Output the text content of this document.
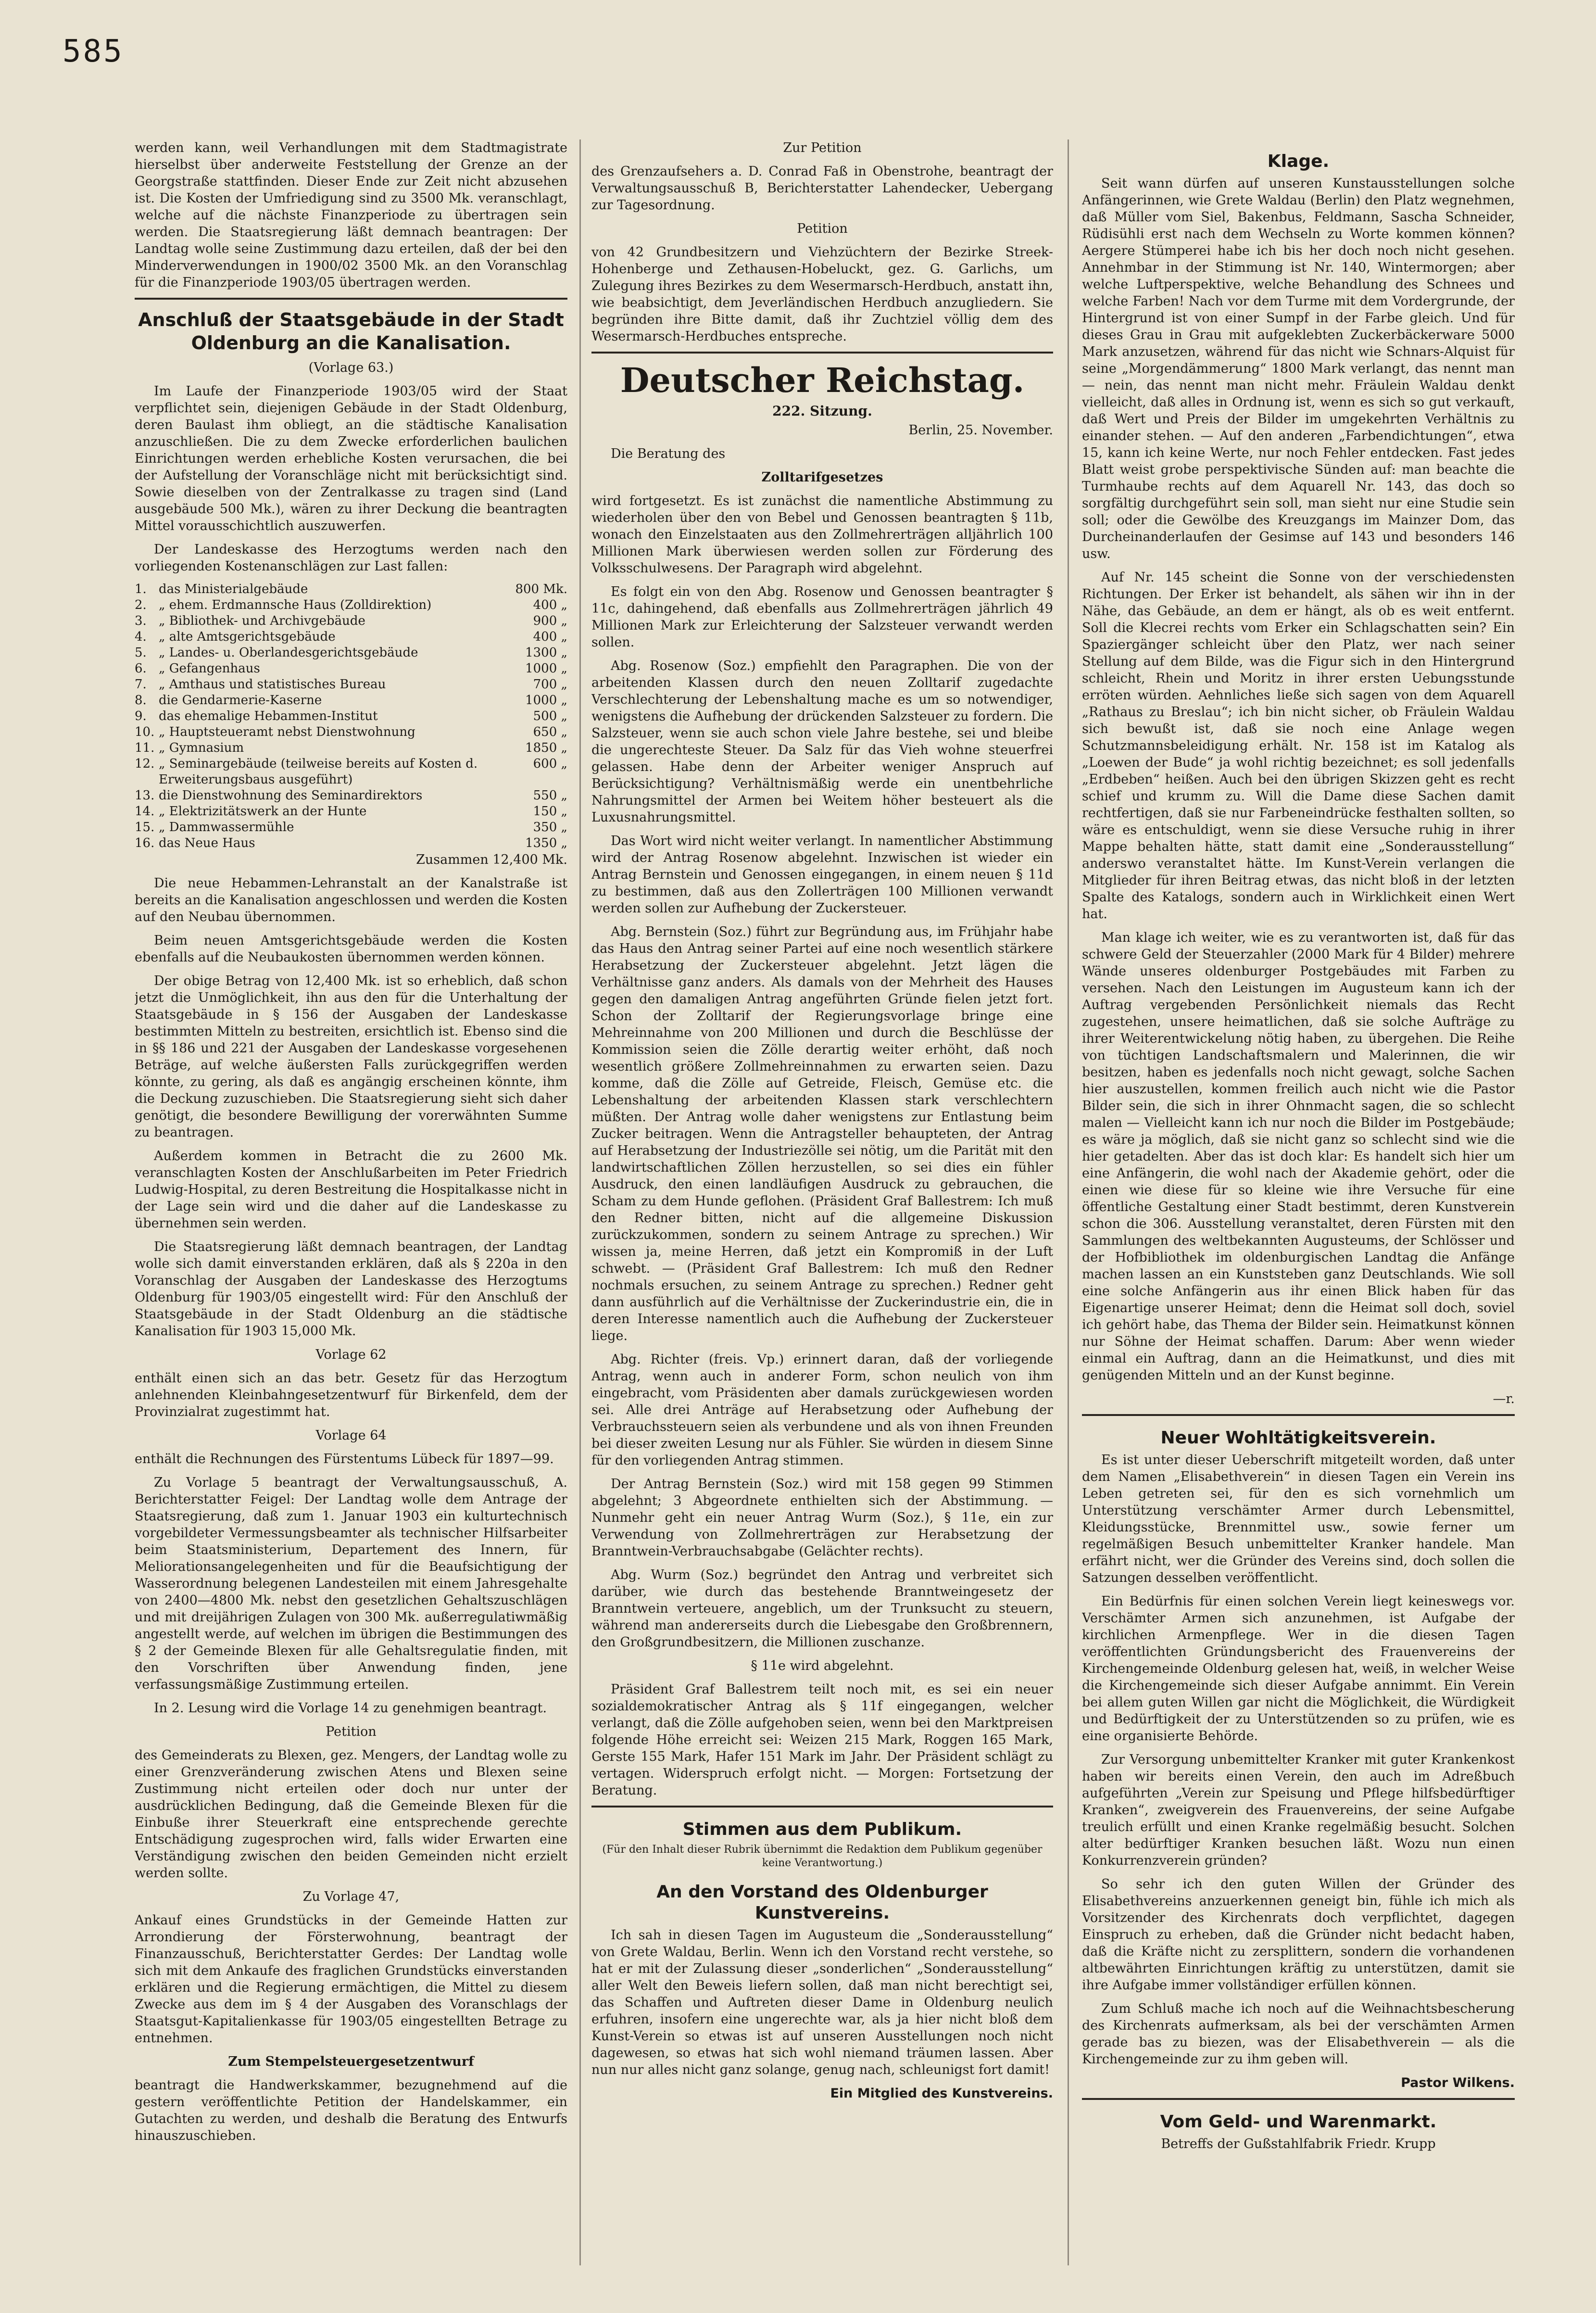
585

werden kann, weil Verhandlungen mit dem Stadtmagistrate hierselbst über anderweite Feststellung der Grenze an der Georgstraße stattfinden. Dieser Ende zur Zeit nicht abzusehen ist. Die Kosten der Umfriedigung sind zu 3500 Mk. veranschlagt, welche auf die nächste Finanzperiode zu übertragen sein werden. Die Staatsregierung läßt demnach beantragen: Der Landtag wolle seine Zustimmung dazu erteilen, daß der bei den Minderverwendungen in 1900/02 3500 Mk. an den Voranschlag für die Finanzperiode 1903/05 übertragen werden.

Anschluß der Staatsgebäude in der Stadt Oldenburg an die Kanalisation.

(Vorlage 63.)

Im Laufe der Finanzperiode 1903/05 wird der Staat verpflichtet sein, diejenigen Gebäude in der Stadt Oldenburg, deren Baulast ihm obliegt, an die städtische Kanalisation anzuschließen. Die zu dem Zwecke erforderlichen baulichen Einrichtungen werden erhebliche Kosten verursachen, die bei der Aufstellung der Voranschläge nicht mit berücksichtigt sind. Sowie dieselben von der Zentralkasse zu tragen sind (Land ausgebäude 500 Mk.), wären zu ihrer Deckung die beantragten Mittel vorausschichtlich auszuwerfen.

Der Landeskasse des Herzogtums werden nach den vorliegenden Kostenanschlägen zur Last fallen:

1.	das Ministerialgebäude	800 Mk.
2.	„ ehem. Erdmannsche Haus (Zolldirektion)	400 „
3.	„ Bibliothek- und Archivgebäude	900 „
4.	„ alte Amtsgerichtsgebäude	400 „
5.	„ Landes- u. Oberlandesgerichtsgebäude	1300 „
6.	„ Gefangenhaus	1000 „
7.	„ Amthaus und statistisches Bureau	700 „
8.	die Gendarmerie-Kaserne	1000 „
9.	das ehemalige Hebammen-Institut	500 „
10.	„ Hauptsteueramt nebst Dienstwohnung	650 „
11.	„ Gymnasium	1850 „
12.	„ Seminargebäude (teilweise bereits auf Kosten d. Erweiterungsbaus ausgeführt)	600 „
13.	die Dienstwohnung des Seminardirektors	550 „
14.	„ Elektrizitätswerk an der Hunte	150 „
15.	„ Dammwassermühle	350 „
16.	das Neue Haus	1350 „

Zusammen 12,400 Mk.

Die neue Hebammen-Lehranstalt an der Kanalstraße ist bereits an die Kanalisation angeschlossen und werden die Kosten auf den Neubau übernommen.

Beim neuen Amtsgerichtsgebäude werden die Kosten ebenfalls auf die Neubaukosten übernommen werden können.

Der obige Betrag von 12,400 Mk. ist so erheblich, daß schon jetzt die Unmöglichkeit, ihn aus den für die Unterhaltung der Staatsgebäude in § 156 der Ausgaben der Landeskasse bestimmten Mitteln zu bestreiten, ersichtlich ist. Ebenso sind die in §§ 186 und 221 der Ausgaben der Landeskasse vorgesehenen Beträge, auf welche äußersten Falls zurückgegriffen werden könnte, zu gering, als daß es angängig erscheinen könnte, ihm die Deckung zuzuschieben. Die Staatsregierung sieht sich daher genötigt, die besondere Bewilligung der vorerwähnten Summe zu beantragen.

Außerdem kommen in Betracht die zu 2600 Mk. veranschlagten Kosten der Anschlußarbeiten im Peter Friedrich Ludwig-Hospital, zu deren Bestreitung die Hospitalkasse nicht in der Lage sein wird und die daher auf die Landeskasse zu übernehmen sein werden.

Die Staatsregierung läßt demnach beantragen, der Landtag wolle sich damit einverstanden erklären, daß als § 220a in den Voranschlag der Ausgaben der Landeskasse des Herzogtums Oldenburg für 1903/05 eingestellt wird: Für den Anschluß der Staatsgebäude in der Stadt Oldenburg an die städtische Kanalisation für 1903 15,000 Mk.

Vorlage 62

enthält einen sich an das betr. Gesetz für das Herzogtum anlehnenden Kleinbahngesetzentwurf für Birkenfeld, dem der Provinzialrat zugestimmt hat.

Vorlage 64

enthält die Rechnungen des Fürstentums Lübeck für 1897—99.

Zu Vorlage 5 beantragt der Verwaltungsausschuß, A. Berichterstatter Feigel: Der Landtag wolle dem Antrage der Staatsregierung, daß zum 1. Januar 1903 ein kulturtechnisch vorgebildeter Vermessungsbeamter als technischer Hilfsarbeiter beim Staatsministerium, Departement des Innern, für Meliorationsangelegenheiten und für die Beaufsichtigung der Wasserordnung belegenen Landesteilen mit einem Jahresgehalte von 2400—4800 Mk. nebst den gesetzlichen Gehaltszuschlägen und mit dreijährigen Zulagen von 300 Mk. außerregulatiwmäßig angestellt werde, auf welchen im übrigen die Bestimmungen des § 2 der Gemeinde Blexen für alle Gehaltsregulatie finden, mit den Vorschriften über Anwendung finden, jene verfassungsmäßige Zustimmung erteilen.

In 2. Lesung wird die Vorlage 14 zu genehmigen beantragt.

Petition

des Gemeinderats zu Blexen, gez. Mengers, der Landtag wolle zu einer Grenzveränderung zwischen Atens und Blexen seine Zustimmung nicht erteilen oder doch nur unter der ausdrücklichen Bedingung, daß die Gemeinde Blexen für die Einbuße ihrer Steuerkraft eine entsprechende gerechte Entschädigung zugesprochen wird, falls wider Erwarten eine Verständigung zwischen den beiden Gemeinden nicht erzielt werden sollte.

Zu Vorlage 47,

Ankauf eines Grundstücks in der Gemeinde Hatten zur Arrondierung der Försterwohnung, beantragt der Finanzausschuß, Berichterstatter Gerdes: Der Landtag wolle sich mit dem Ankaufe des fraglichen Grundstücks einverstanden erklären und die Regierung ermächtigen, die Mittel zu diesem Zwecke aus dem im § 4 der Ausgaben des Voranschlags der Staatsgut-Kapitalienkasse für 1903/05 eingestellten Betrage zu entnehmen.

Zum Stempelsteuergesetzentwurf

beantragt die Handwerkskammer, bezugnehmend auf die gestern veröffentlichte Petition der Handelskammer, ein Gutachten zu werden, und deshalb die Beratung des Entwurfs hinauszuschieben.

Zur Petition

des Grenzaufsehers a. D. Conrad Faß in Obenstrohe, beantragt der Verwaltungsausschuß B, Berichterstatter Lahendecker, Uebergang zur Tagesordnung.

Petition

von 42 Grundbesitzern und Viehzüchtern der Bezirke Streek-Hohenberge und Zethausen-Hobeluckt, gez. G. Garlichs, um Zulegung ihres Bezirkes zu dem Wesermarsch-Herdbuch, anstatt ihn, wie beabsichtigt, dem Jeverländischen Herdbuch anzugliedern. Sie begründen ihre Bitte damit, daß ihr Zuchtziel völlig dem des Wesermarsch-Herdbuches entspreche.

Deutscher Reichstag.
222. Sitzung.

Berlin, 25. November.

Die Beratung des

Zolltarifgesetzes

wird fortgesetzt. Es ist zunächst die namentliche Abstimmung zu wiederholen über den von Bebel und Genossen beantragten § 11b, wonach den Einzelstaaten aus den Zollmehrerträgen alljährlich 100 Millionen Mark überwiesen werden sollen zur Förderung des Volksschulwesens. Der Paragraph wird abgelehnt.

Es folgt ein von den Abg. Rosenow und Genossen beantragter § 11c, dahingehend, daß ebenfalls aus Zollmehrerträgen jährlich 49 Millionen Mark zur Erleichterung der Salzsteuer verwandt werden sollen.

Abg. Rosenow (Soz.) empfiehlt den Paragraphen. Die von der arbeitenden Klassen durch den neuen Zolltarif zugedachte Verschlechterung der Lebenshaltung mache es um so notwendiger, wenigstens die Aufhebung der drückenden Salzsteuer zu fordern. Die Salzsteuer, wenn sie auch schon viele Jahre bestehe, sei und bleibe die ungerechteste Steuer. Da Salz für das Vieh wohne steuerfrei gelassen. Habe denn der Arbeiter weniger Anspruch auf Berücksichtigung? Verhältnismäßig werde ein unentbehrliche Nahrungsmittel der Armen bei Weitem höher besteuert als die Luxusnahrungsmittel.

Das Wort wird nicht weiter verlangt. In namentlicher Abstimmung wird der Antrag Rosenow abgelehnt. Inzwischen ist wieder ein Antrag Bernstein und Genossen eingegangen, in einem neuen § 11d zu bestimmen, daß aus den Zollerträgen 100 Millionen verwandt werden sollen zur Aufhebung der Zuckersteuer.

Abg. Bernstein (Soz.) führt zur Begründung aus, im Frühjahr habe das Haus den Antrag seiner Partei auf eine noch wesentlich stärkere Herabsetzung der Zuckersteuer abgelehnt. Jetzt lägen die Verhältnisse ganz anders. Als damals von der Mehrheit des Hauses gegen den damaligen Antrag angeführten Gründe fielen jetzt fort. Schon der Zolltarif der Regierungsvorlage bringe eine Mehreinnahme von 200 Millionen und durch die Beschlüsse der Kommission seien die Zölle derartig weiter erhöht, daß noch wesentlich größere Zollmehreinnahmen zu erwarten seien. Dazu komme, daß die Zölle auf Getreide, Fleisch, Gemüse etc. die Lebenshaltung der arbeitenden Klassen stark verschlechtern müßten. Der Antrag wolle daher wenigstens zur Entlastung beim Zucker beitragen. Wenn die Antragsteller behaupteten, der Antrag auf Herabsetzung der Industriezölle sei nötig, um die Parität mit den landwirtschaftlichen Zöllen herzustellen, so sei dies ein fühler Ausdruck, den einen landläufigen Ausdruck zu gebrauchen, die Scham zu dem Hunde geflohen. (Präsident Graf Ballestrem: Ich muß den Redner bitten, nicht auf die allgemeine Diskussion zurückzukommen, sondern zu seinem Antrage zu sprechen.) Wir wissen ja, meine Herren, daß jetzt ein Kompromiß in der Luft schwebt. — (Präsident Graf Ballestrem: Ich muß den Redner nochmals ersuchen, zu seinem Antrage zu sprechen.) Redner geht dann ausführlich auf die Verhältnisse der Zuckerindustrie ein, die in deren Interesse namentlich auch die Aufhebung der Zuckersteuer liege.

Abg. Richter (freis. Vp.) erinnert daran, daß der vorliegende Antrag, wenn auch in anderer Form, schon neulich von ihm eingebracht, vom Präsidenten aber damals zurückgewiesen worden sei. Alle drei Anträge auf Herabsetzung oder Aufhebung der Verbrauchssteuern seien als verbundene und als von ihnen Freunden bei dieser zweiten Lesung nur als Fühler. Sie würden in diesem Sinne für den vorliegenden Antrag stimmen.

Der Antrag Bernstein (Soz.) wird mit 158 gegen 99 Stimmen abgelehnt; 3 Abgeordnete enthielten sich der Abstimmung. — Nunmehr geht ein neuer Antrag Wurm (Soz.), § 11e, ein zur Verwendung von Zollmehrerträgen zur Herabsetzung der Branntwein-Verbrauchsabgabe (Gelächter rechts).

Abg. Wurm (Soz.) begründet den Antrag und verbreitet sich darüber, wie durch das bestehende Branntweingesetz der Branntwein verteuere, angeblich, um der Trunksucht zu steuern, während man andererseits durch die Liebesgabe den Großbrennern, den Großgrundbesitzern, die Millionen zuschanze.

§ 11e wird abgelehnt.

Präsident Graf Ballestrem teilt noch mit, es sei ein neuer sozialdemokratischer Antrag als § 11f eingegangen, welcher verlangt, daß die Zölle aufgehoben seien, wenn bei den Marktpreisen folgende Höhe erreicht sei: Weizen 215 Mark, Roggen 165 Mark, Gerste 155 Mark, Hafer 151 Mark im Jahr. Der Präsident schlägt zu vertagen. Widerspruch erfolgt nicht. — Morgen: Fortsetzung der Beratung.

Stimmen aus dem Publikum.

(Für den Inhalt dieser Rubrik übernimmt die Redaktion dem Publikum gegenüber keine Verantwortung.)

An den Vorstand des Oldenburger Kunstvereins.

Ich sah in diesen Tagen im Augusteum die „Sonderausstellung“ von Grete Waldau, Berlin. Wenn ich den Vorstand recht verstehe, so hat er mit der Zulassung dieser „sonderlichen“ „Sonderausstellung“ aller Welt den Beweis liefern sollen, daß man nicht berechtigt sei, das Schaffen und Auftreten dieser Dame in Oldenburg neulich erfuhren, insofern eine ungerechte war, als ja hier nicht bloß dem Kunst-Verein so etwas ist auf unseren Ausstellungen noch nicht dagewesen, so etwas hat sich wohl niemand träumen lassen. Aber nun nur alles nicht ganz solange, genug nach, schleunigst fort damit!

Ein Mitglied des Kunstvereins.

Klage.

Seit wann dürfen auf unseren Kunstausstellungen solche Anfängerinnen, wie Grete Waldau (Berlin) den Platz wegnehmen, daß Müller vom Siel, Bakenbus, Feldmann, Sascha Schneider, Rüdisühli erst nach dem Wechseln zu Worte kommen können? Aergere Stümperei habe ich bis her doch noch nicht gesehen. Annehmbar in der Stimmung ist Nr. 140, Wintermorgen; aber welche Luftperspektive, welche Behandlung des Schnees und welche Farben! Nach vor dem Turme mit dem Vordergrunde, der Hintergrund ist von einer Sumpf in der Farbe gleich. Und für dieses Grau in Grau mit aufgeklebten Zuckerbäckerware 5000 Mark anzusetzen, während für das nicht wie Schnars-Alquist für seine „Morgendämmerung“ 1800 Mark verlangt, das nennt man — nein, das nennt man nicht mehr. Fräulein Waldau denkt vielleicht, daß alles in Ordnung ist, wenn es sich so gut verkauft, daß Wert und Preis der Bilder im umgekehrten Verhältnis zu einander stehen. — Auf den anderen „Farbendichtungen“, etwa 15, kann ich keine Werte, nur noch Fehler entdecken. Fast jedes Blatt weist grobe perspektivische Sünden auf: man beachte die Turmhaube rechts auf dem Aquarell Nr. 143, das doch so sorgfältig durchgeführt sein soll, man sieht nur eine Studie sein soll; oder die Gewölbe des Kreuzgangs im Mainzer Dom, das Durcheinanderlaufen der Gesimse auf 143 und besonders 146 usw.

Auf Nr. 145 scheint die Sonne von der verschiedensten Richtungen. Der Erker ist behandelt, als sähen wir ihn in der Nähe, das Gebäude, an dem er hängt, als ob es weit entfernt. Soll die Klecrei rechts vom Erker ein Schlagschatten sein? Ein Spaziergänger schleicht über den Platz, wer nach seiner Stellung auf dem Bilde, was die Figur sich in den Hintergrund schleicht, Rhein und Moritz in ihrer ersten Uebungsstunde erröten würden. Aehnliches ließe sich sagen von dem Aquarell „Rathaus zu Breslau“; ich bin nicht sicher, ob Fräulein Waldau sich bewußt ist, daß sie noch eine Anlage wegen Schutzmannsbeleidigung erhält. Nr. 158 ist im Katalog als „Loewen der Bude“ ja wohl richtig bezeichnet; es soll jedenfalls „Erdbeben“ heißen. Auch bei den übrigen Skizzen geht es recht schief und krumm zu. Will die Dame diese Sachen damit rechtfertigen, daß sie nur Farbeneindrücke festhalten sollten, so wäre es entschuldigt, wenn sie diese Versuche ruhig in ihrer Mappe behalten hätte, statt damit eine „Sonderausstellung“ anderswo veranstaltet hätte. Im Kunst-Verein verlangen die Mitglieder für ihren Beitrag etwas, das nicht bloß in der letzten Spalte des Katalogs, sondern auch in Wirklichkeit einen Wert hat.

Man klage ich weiter, wie es zu verantworten ist, daß für das schwere Geld der Steuerzahler (2000 Mark für 4 Bilder) mehrere Wände unseres oldenburger Postgebäudes mit Farben zu versehen. Nach den Leistungen im Augusteum kann ich der Auftrag vergebenden Persönlichkeit niemals das Recht zugestehen, unsere heimatlichen, daß sie solche Aufträge zu ihrer Weiterentwickelung nötig haben, zu übergehen. Die Reihe von tüchtigen Landschaftsmalern und Malerinnen, die wir besitzen, haben es jedenfalls noch nicht gewagt, solche Sachen hier auszustellen, kommen freilich auch nicht wie die Pastor Bilder sein, die sich in ihrer Ohnmacht sagen, die so schlecht malen — Vielleicht kann ich nur noch die Bilder im Postgebäude; es wäre ja möglich, daß sie nicht ganz so schlecht sind wie die hier getadelten. Aber das ist doch klar: Es handelt sich hier um eine Anfängerin, die wohl nach der Akademie gehört, oder die einen wie diese für so kleine wie ihre Versuche für eine öffentliche Gestaltung einer Stadt bestimmt, deren Kunstverein schon die 306. Ausstellung veranstaltet, deren Fürsten mit den Sammlungen des weltbekannten Augusteums, der Schlösser und der Hofbibliothek im oldenburgischen Landtag die Anfänge machen lassen an ein Kunststeben ganz Deutschlands. Wie soll eine solche Anfängerin aus ihr einen Blick haben für das Eigenartige unserer Heimat; denn die Heimat soll doch, soviel ich gehört habe, das Thema der Bilder sein. Heimatkunst können nur Söhne der Heimat schaffen. Darum: Aber wenn wieder einmal ein Auftrag, dann an die Heimatkunst, und dies mit genügenden Mitteln und an der Kunst beginne.

—r.

Neuer Wohltätigkeitsverein.

Es ist unter dieser Ueberschrift mitgeteilt worden, daß unter dem Namen „Elisabethverein“ in diesen Tagen ein Verein ins Leben getreten sei, für den es sich vornehmlich um Unterstützung verschämter Armer durch Lebensmittel, Kleidungsstücke, Brennmittel usw., sowie ferner um regelmäßigen Besuch unbemittelter Kranker handele. Man erfährt nicht, wer die Gründer des Vereins sind, doch sollen die Satzungen desselben veröffentlicht.

Ein Bedürfnis für einen solchen Verein liegt keineswegs vor. Verschämter Armen sich anzunehmen, ist Aufgabe der kirchlichen Armenpflege. Wer in die diesen Tagen veröffentlichten Gründungsbericht des Frauenvereins der Kirchengemeinde Oldenburg gelesen hat, weiß, in welcher Weise die Kirchengemeinde sich dieser Aufgabe annimmt. Ein Verein bei allem guten Willen gar nicht die Möglichkeit, die Würdigkeit und Bedürftigkeit der zu Unterstützenden so zu prüfen, wie es eine organisierte Behörde.

Zur Versorgung unbemittelter Kranker mit guter Krankenkost haben wir bereits einen Verein, den auch im Adreßbuch aufgeführten „Verein zur Speisung und Pflege hilfsbedürftiger Kranken“, zweigverein des Frauenvereins, der seine Aufgabe treulich erfüllt und einen Kranke regelmäßig besucht. Solchen alter bedürftiger Kranken besuchen läßt. Wozu nun einen Konkurrenzverein gründen?

So sehr ich den guten Willen der Gründer des Elisabethvereins anzuerkennen geneigt bin, fühle ich mich als Vorsitzender des Kirchenrats doch verpflichtet, dagegen Einspruch zu erheben, daß die Gründer nicht bedacht haben, daß die Kräfte nicht zu zersplittern, sondern die vorhandenen altbewährten Einrichtungen kräftig zu unterstützen, damit sie ihre Aufgabe immer vollständiger erfüllen können.

Zum Schluß mache ich noch auf die Weihnachtsbescherung des Kirchenrats aufmerksam, als bei der verschämten Armen gerade bas zu biezen, was der Elisabethverein — als die Kirchengemeinde zur zu ihm geben will.

Pastor Wilkens.

Vom Geld- und Warenmarkt.

Betreffs der Gußstahlfabrik Friedr. Krupp
